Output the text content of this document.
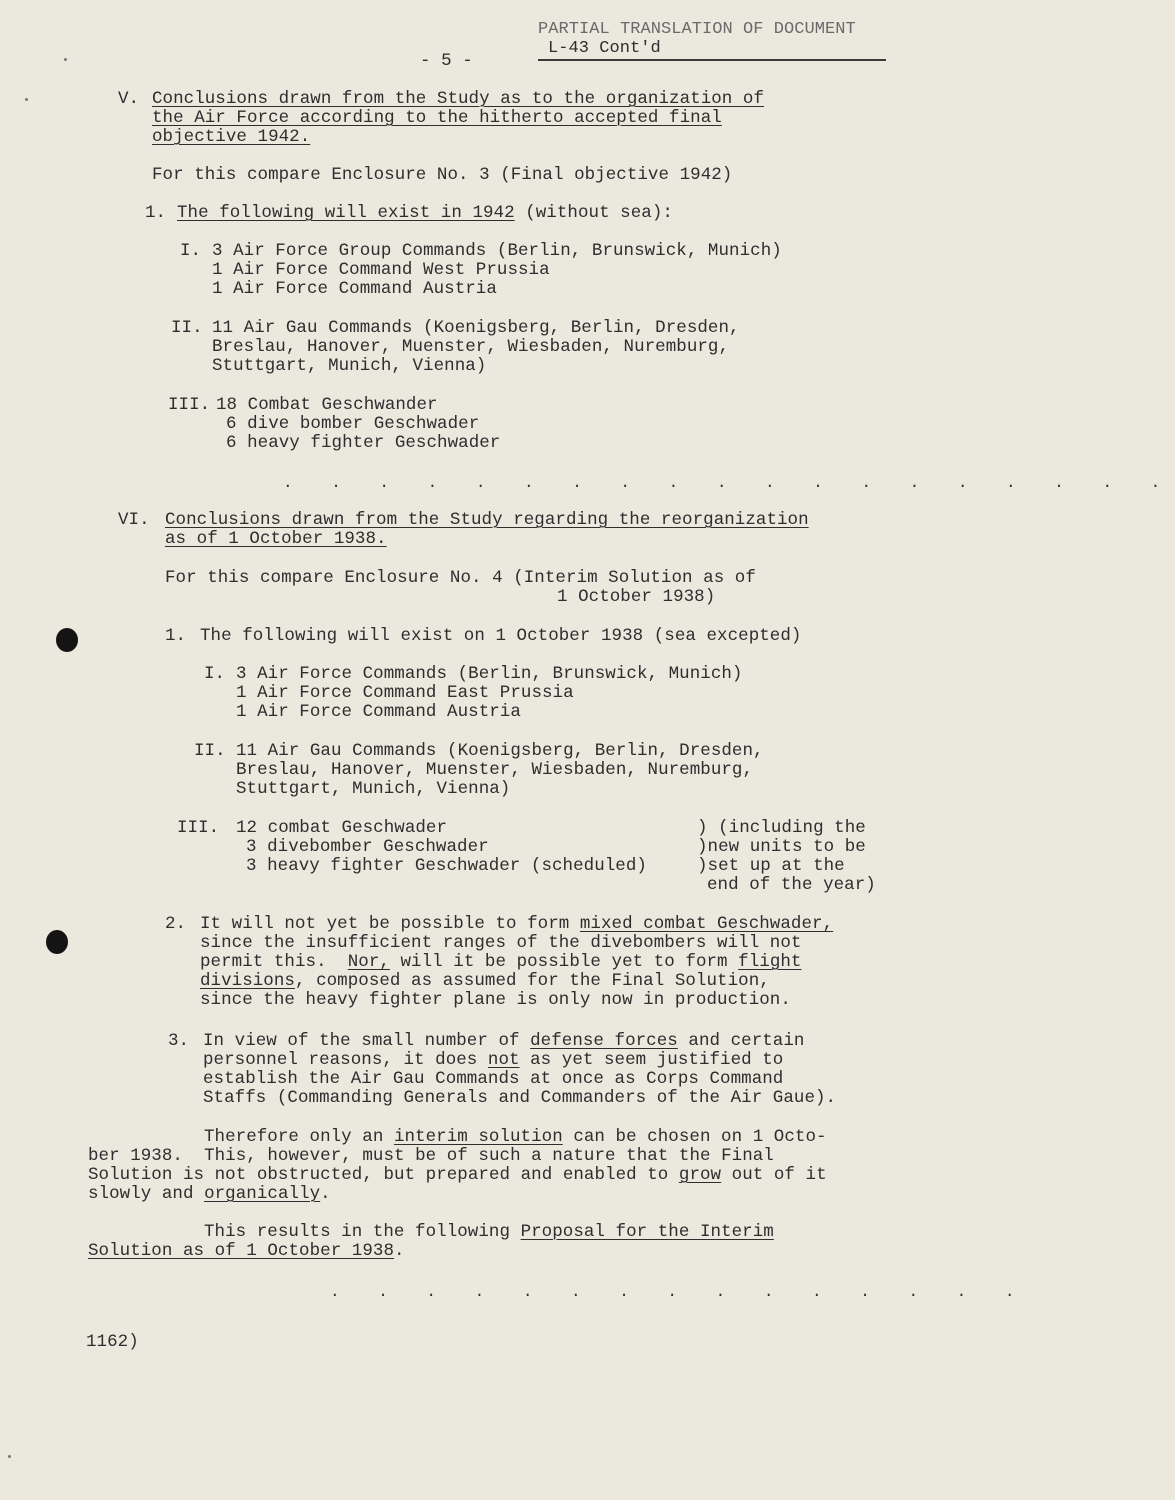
PARTIAL TRANSLATION OF DOCUMENT
L-43 Cont'd
- 5 -
V. Conclusions drawn from the Study as to the organization of
the Air Force according to the hitherto accepted final
objective 1942.
For this compare Enclosure No. 3 (Final objective 1942)
1. The following will exist in 1942 (without sea):
I. 3 Air Force Group Commands (Berlin, Brunswick, Munich)
1 Air Force Command West Prussia
1 Air Force Command Austria
II. 11 Air Gau Commands (Koenigsberg, Berlin, Dresden,
Breslau, Hanover, Muenster, Wiesbaden, Nuremburg,
Stuttgart, Munich, Vienna)
III. 18 Combat Geschwander
6 dive bomber Geschwader
6 heavy fighter Geschwader
. . . . . . . . . . . . . . . . . . .
VI. Conclusions drawn from the Study regarding the reorganization
as of 1 October 1938.
For this compare Enclosure No. 4 (Interim Solution as of
1 October 1938)
1. The following will exist on 1 October 1938 (sea excepted)
I. 3 Air Force Commands (Berlin, Brunswick, Munich)
1 Air Force Command East Prussia
1 Air Force Command Austria
II. 11 Air Gau Commands (Koenigsberg, Berlin, Dresden,
Breslau, Hanover, Muenster, Wiesbaden, Nuremburg,
Stuttgart, Munich, Vienna)
III. 12 combat Geschwader
3 divebomber Geschwader
3 heavy fighter Geschwader (scheduled)
) (including the
)new units to be
)set up at the
end of the year)
2. It will not yet be possible to form mixed combat Geschwader,
since the insufficient ranges of the divebombers will not
permit this.  Nor, will it be possible yet to form flight
divisions, composed as assumed for the Final Solution,
since the heavy fighter plane is only now in production.
3. In view of the small number of defense forces and certain
personnel reasons, it does not as yet seem justified to
establish the Air Gau Commands at once as Corps Command
Staffs (Commanding Generals and Commanders of the Air Gaue).
Therefore only an interim solution can be chosen on 1 Octo-
ber 1938.  This, however, must be of such a nature that the Final
Solution is not obstructed, but prepared and enabled to grow out of it
slowly and organically.
This results in the following Proposal for the Interim
Solution as of 1 October 1938.
. . . . . . . . . . . . . . .
1162)
